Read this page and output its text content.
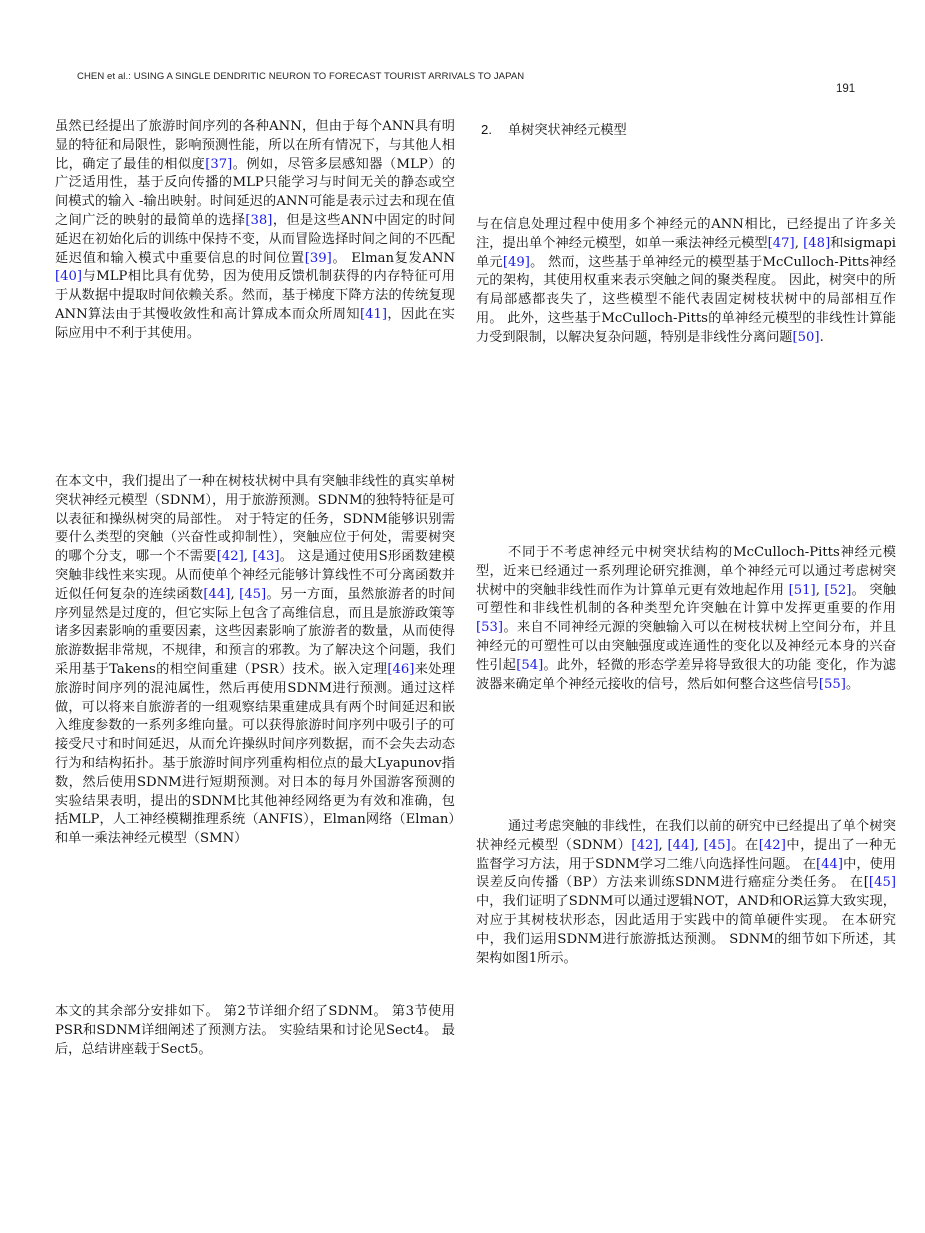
CHEN et al.: USING A SINGLE DENDRITIC NEURON TO FORECAST TOURIST ARRIVALS TO JAPAN
191
虽然已经提出了旅游时间序列的各种ANN，但由于每个ANN具有明显的特征和局限性，影响预测性能，所以在所有情况下，与其他人相比，确定了最佳的相似度[37]。例如，尽管多层感知器（MLP）的广泛适用性，基于反向传播的MLP只能学习与时间无关的静态或空间模式的输入 -输出映射。时间延迟的ANN可能是表示过去和现在值之间广泛的映射的最简单的选择[38]，但是这些ANN中固定的时间延迟在初始化后的训练中保持不变，从而冒险选择时间之间的不匹配延迟值和输入模式中重要信息的时间位置[39]。 Elman复发ANN [40]与MLP相比具有优势，因为使用反馈机制获得的内存特征可用于从数据中提取时间依赖关系。然而，基于梯度下降方法的传统复现ANN算法由于其慢收敛性和高计算成本而众所周知[41]，因此在实际应用中不利于其使用。
在本文中，我们提出了一种在树枝状树中具有突触非线性的真实单树突状神经元模型（SDNM），用于旅游预测。SDNM的独特特征是可以表征和操纵树突的局部性。 对于特定的任务，SDNM能够识别需要什么类型的突触（兴奋性或抑制性），突触应位于何处，需要树突的哪个分支，哪一个不需要[42], [43]。 这是通过使用S形函数建模突触非线性来实现。从而使单个神经元能够计算线性不可分离函数并近似任何复杂的连续函数[44], [45]。另一方面，虽然旅游者的时间序列显然是过度的，但它实际上包含了高维信息，而且是旅游政策等诸多因素影响的重要因素，这些因素影响了旅游者的数量，从而使得旅游数据非常规，不规律，和预言的邪教。为了解决这个问题，我们采用基于Takens的相空间重建（PSR）技术。嵌入定理[46]来处理旅游时间序列的混沌属性，然后再使用SDNM进行预测。通过这样做，可以将来自旅游者的一组观察结果重建成具有两个时间延迟和嵌入维度参数的一系列多维向量。可以获得旅游时间序列中吸引子的可接受尺寸和时间延迟，从而允许操纵时间序列数据，而不会失去动态行为和结构拓扑。基于旅游时间序列重构相位点的最大Lyapunov指数，然后使用SDNM进行短期预测。对日本的每月外国游客预测的实验结果表明，提出的SDNM比其他神经网络更为有效和准确，包括MLP，人工神经模糊推理系统（ANFIS），Elman网络（Elman）和单一乘法神经元模型（SMN）
本文的其余部分安排如下。 第2节详细介绍了SDNM。 第3节使用PSR和SDNM详细阐述了预测方法。 实验结果和讨论见Sect4。 最后，总结讲座载于Sect5。
2. 单树突状神经元模型
与在信息处理过程中使用多个神经元的ANN相比，已经提出了许多关注，提出单个神经元模型，如单一乘法神经元模型[47], [48]和sigmapi单元[49]。 然而，这些基于单神经元的模型基于McCulloch-Pitts神经元的架构，其使用权重来表示突触之间的聚类程度。 因此，树突中的所有局部感都丧失了，这些模型不能代表固定树枝状树中的局部相互作用。 此外，这些基于McCulloch-Pitts的单神经元模型的非线性计算能力受到限制，以解决复杂问题，特别是非线性分离问题[50].
不同于不考虑神经元中树突状结构的McCulloch-Pitts神经元模型，近来已经通过一系列理论研究推测，单个神经元可以通过考虑树突状树中的突触非线性而作为计算单元更有效地起作用 [51], [52]。 突触可塑性和非线性机制的各种类型允许突触在计算中发挥更重要的作用[53]。来自不同神经元源的突触输入可以在树枝状树上空间分布，并且神经元的可塑性可以由突触强度或连通性的变化以及神经元本身的兴奋性引起[54]。此外，轻微的形态学差异将导致很大的功能 变化，作为滤波器来确定单个神经元接收的信号，然后如何整合这些信号[55]。
通过考虑突触的非线性，在我们以前的研究中已经提出了单个树突状神经元模型（SDNM）[42], [44], [45]。在[42]中，提出了一种无监督学习方法，用于SDNM学习二维八向选择性问题。 在[44]中，使用误差反向传播（BP）方法来训练SDNM进行癌症分类任务。 在[[45]中，我们证明了SDNM可以通过逻辑NOT，AND和OR运算大致实现，对应于其树枝状形态，因此适用于实践中的简单硬件实现。 在本研究中，我们运用SDNM进行旅游抵达预测。 SDNM的细节如下所述，其架构如图1所示。
